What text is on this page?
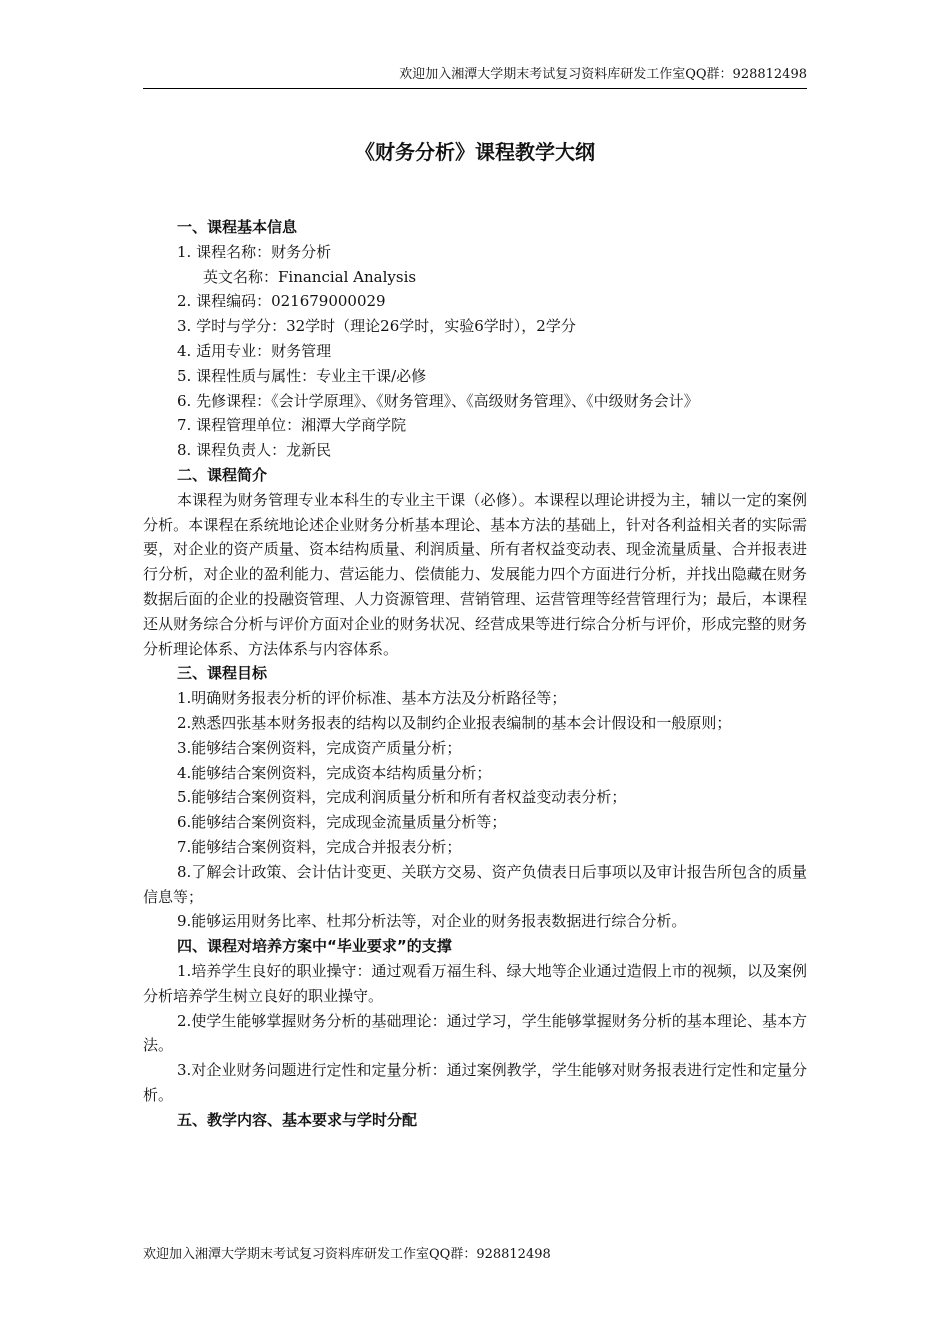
欢迎加入湘潭大学期末考试复习资料库研发工作室QQ群：928812498
《财务分析》课程教学大纲

一、课程基本信息

1. 课程名称：财务分析

英文名称：Financial Analysis

2. 课程编码：021679000029

3. 学时与学分：32学时（理论26学时，实验6学时），2学分

4. 适用专业：财务管理

5. 课程性质与属性：专业主干课/必修

6. 先修课程：《会计学原理》、《财务管理》、《高级财务管理》、《中级财务会计》

7. 课程管理单位：湘潭大学商学院

8. 课程负责人：龙新民

二、课程简介

本课程为财务管理专业本科生的专业主干课（必修）。本课程以理论讲授为主，辅以一定的案例分析。本课程在系统地论述企业财务分析基本理论、基本方法的基础上，针对各利益相关者的实际需要，对企业的资产质量、资本结构质量、利润质量、所有者权益变动表、现金流量质量、合并报表进行分析，对企业的盈利能力、营运能力、偿债能力、发展能力四个方面进行分析，并找出隐藏在财务数据后面的企业的投融资管理、人力资源管理、营销管理、运营管理等经营管理行为；最后，本课程还从财务综合分析与评价方面对企业的财务状况、经营成果等进行综合分析与评价，形成完整的财务分析理论体系、方法体系与内容体系。

三、课程目标

1.明确财务报表分析的评价标准、基本方法及分析路径等；

2.熟悉四张基本财务报表的结构以及制约企业报表编制的基本会计假设和一般原则；

3.能够结合案例资料，完成资产质量分析；

4.能够结合案例资料，完成资本结构质量分析；

5.能够结合案例资料，完成利润质量分析和所有者权益变动表分析；

6.能够结合案例资料，完成现金流量质量分析等；

7.能够结合案例资料，完成合并报表分析；

8.了解会计政策、会计估计变更、关联方交易、资产负债表日后事项以及审计报告所包含的质量信息等；

9.能够运用财务比率、杜邦分析法等，对企业的财务报表数据进行综合分析。

四、课程对培养方案中“毕业要求”的支撑

1.培养学生良好的职业操守：通过观看万福生科、绿大地等企业通过造假上市的视频，以及案例分析培养学生树立良好的职业操守。

2.使学生能够掌握财务分析的基础理论：通过学习，学生能够掌握财务分析的基本理论、基本方法。

3.对企业财务问题进行定性和定量分析：通过案例教学，学生能够对财务报表进行定性和定量分析。

五、教学内容、基本要求与学时分配

欢迎加入湘潭大学期末考试复习资料库研发工作室QQ群：928812498
